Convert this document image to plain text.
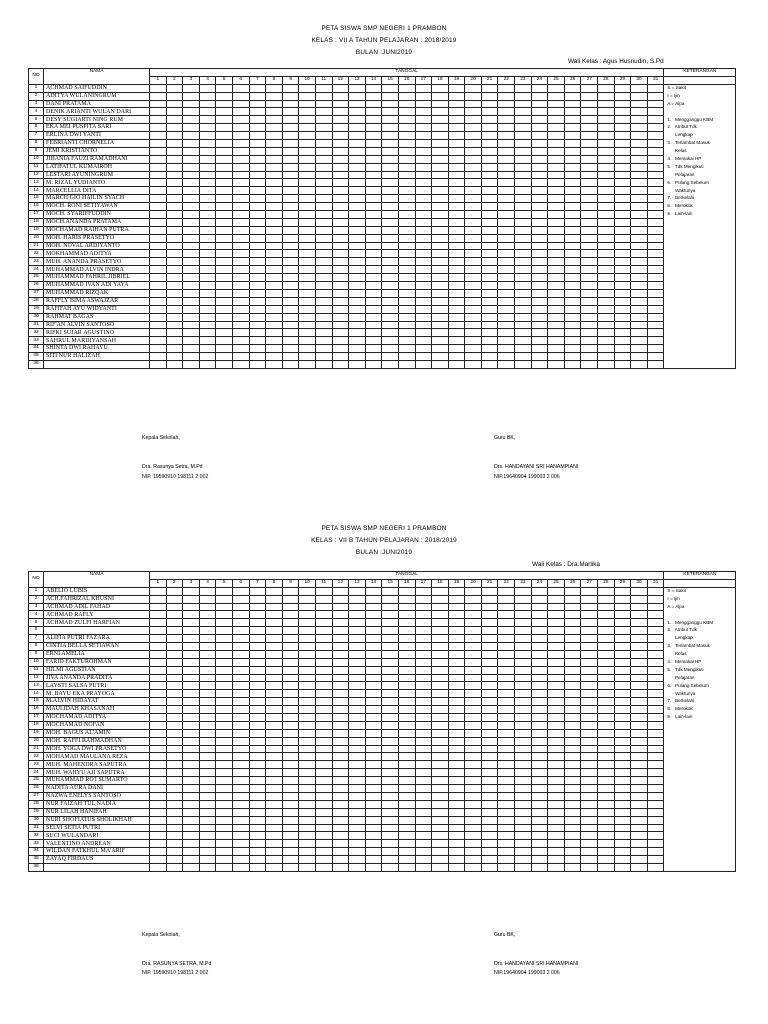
PETA SISWA SMP NEGERI 1 PRAMBON
KELAS : VII A TAHUN PELAJARAN : 2018/2019
BULAN :JUNI2019
Wali Kelas : Agus Husnudin, S.Pd
NO	NAMA	TANGGAL																															KETERANGAN
		1	2	3	4	5	6	7	8	9	10	11	12	13	14	15	16	17	18	19	20	21	22	23	24	25	26	27	28	29	30	31	
1	ACHMAD SAIFUDDIN																																S = Sakit
2	ADITYA WULANINGRUM																																I = Ijin
3	DANI PRATAMA																																A = Alpa
4	DENIK ARIANTI WULAN DARI																																
5	DESY SUGIARTI NING RUM																																1.   Mengganggu KBM
6	EKA MEI PUSPITA SARI																																2.   Atribut Tdk
7	ERLINA DWI YANTI																																Lengkap
8	FEBRIANTI CHORNELIA																																3.   Terlambat Masuk
9	JEMI KRISTIANTO																																Kelas
10	JIHANIA FAUZI RAMADHANI																																4.   Memakai HP
11	LATIFATUL KUMAIROH																																5.   Tdk Mengikuti
12	LESTARI AYUNINGRUM																																Pelajaran
13	M. RIZAL YUDIANTO																																6.   Pulang Sebelum
14	MARCELLIA DITA																																Waktunya
15	MARCH GIO HAILIN SYACH																																7.   Berkelahi
16	MOCH. RONI SETIYAWAN																																8.   Merokok
17	MOCH. SYARIFFUDDIN																																9.   Lain-lain
18	MOCH.ANANDA PRATAMA																																
19	MOCHAMAD RAIHAN PUTRA																																
20	MOH. HARIS PRASETYO																																
21	MOH. NOVAL ARDIYANTO																																
22	MOKHAMMAD ADITYA																																
23	MUH. ANANDA PRASETYO																																
24	MUHAMMAD ALVIN INDRA																																
25	MUHAMMAD FAHRIL JIBRIEL																																
26	MUHAMMAD IVAN ADI YAYA																																
27	MUHAMMAD RIZQAK																																
28	RAFFLY BIMA ASWAJZAR																																
29	RAFIFAH AYU WIDYANTI																																
30	RAHMAT BAGAS																																
31	RIF'AN ALVIN SANTOSO																																
32	RIFKI SUJAR AGUSTINO																																
33	SAHRUL MARDIYANSAH																																
34	SHINTA DWI RAHAYU																																
35	SITI NUR HALIZAH																																
36																																	
Kepala Sekolah,
Dra. Rasunya Setra, M.Pd
NIP. 19590910 198111 2 002
Guru BK,
Drs. HANDAYANI SRI HANAMPIANI
NIP.19640904 199003 2 006
PETA SISWA SMP NEGERI 1 PRAMBON
KELAS : VII B TAHUN PELAJARAN : 2018/2019
BULAN :JUNI2019
Wali Kelas : Dra.Marlika
NO	NAMA	TANGGAL																															KETERANGAN
		1	2	3	4	5	6	7	8	9	10	11	12	13	14	15	16	17	18	19	20	21	22	23	24	25	26	27	28	29	30	31	
1	ABELIO LUBIS																																S = Sakit
2	ACH.FAHRIZAL KHUSNI																																I = Ijin
3	ACHMAD ADIL FAHAD																																A = Alpa
4	ACHMAD RAFLY																																
5	ACHMAD ZULFI HARFIAN																																1.   Mengganggu KBM
6																																	2.   Atribut Tdk
7	ALIFIA PUTRI FAZARA																																Lengkap
8	CINTIA BELLA SETIAWAN																																3.   Terlambat Masuk
9	ERNI AMELIA																																Kelas
10	FARID FAKTUROHMAN																																4.   Memakai HP
11	HILMI AGUSTIAN																																5.   Tdk Mengikuti
12	JIVA ANANDA PRADITA																																Pelajaran
13	LAYSTI SALSA PUTRI																																6.   Pulang Sebelum
14	M. BAYU EKA PRAYOGA																																Waktunya
15	M.ALVIN HIDAYAT																																7.   Berkelahi
16	MAULIDAH KHASANAH																																8.   Merokok
17	MOCHAMAD ADITYA																																9.   Lain-lain
18	MOCHAMAD NOFAN																																
19	MOH. BAGUS AL'AMIN																																
20	MOH. RAFFI RAHMADHAN																																
21	MOH. YOGA DWI PRASETYO																																
22	MOHAMAD MAULANA REZA																																
23	MUH. MAHENDRA SAPUTRA																																
24	MUH. WAHYU AJI SAPUTRA																																
25	MUHAMMAD RO'I SUMARTO																																
26	NADITA AURA DANI																																
27	NAZWA ENELYS SANTOSO																																
28	NUR FAIZAH TUL NADIA																																
29	NUR LILAH HANIFAH																																
30	NURI SHOFIATUS SHOLIKHAH																																
31	SELVI SETIA PUTRI																																
32	SUCI WULANDARI																																
33	VALENTINO ANDREAN																																
34	WILDAN FATKHUL MA'ARIF																																
35	ZAYAQ FIRDAUS																																
36																																	
Kepala Sekolah,
Dra. RASUNYA SETRA, M.Pd
NIP. 19590910 198111 2 002
Guru BK,
Drs. HANDAYANI SRI HANAMPIANI
NIP.19640904 199003 2 006
